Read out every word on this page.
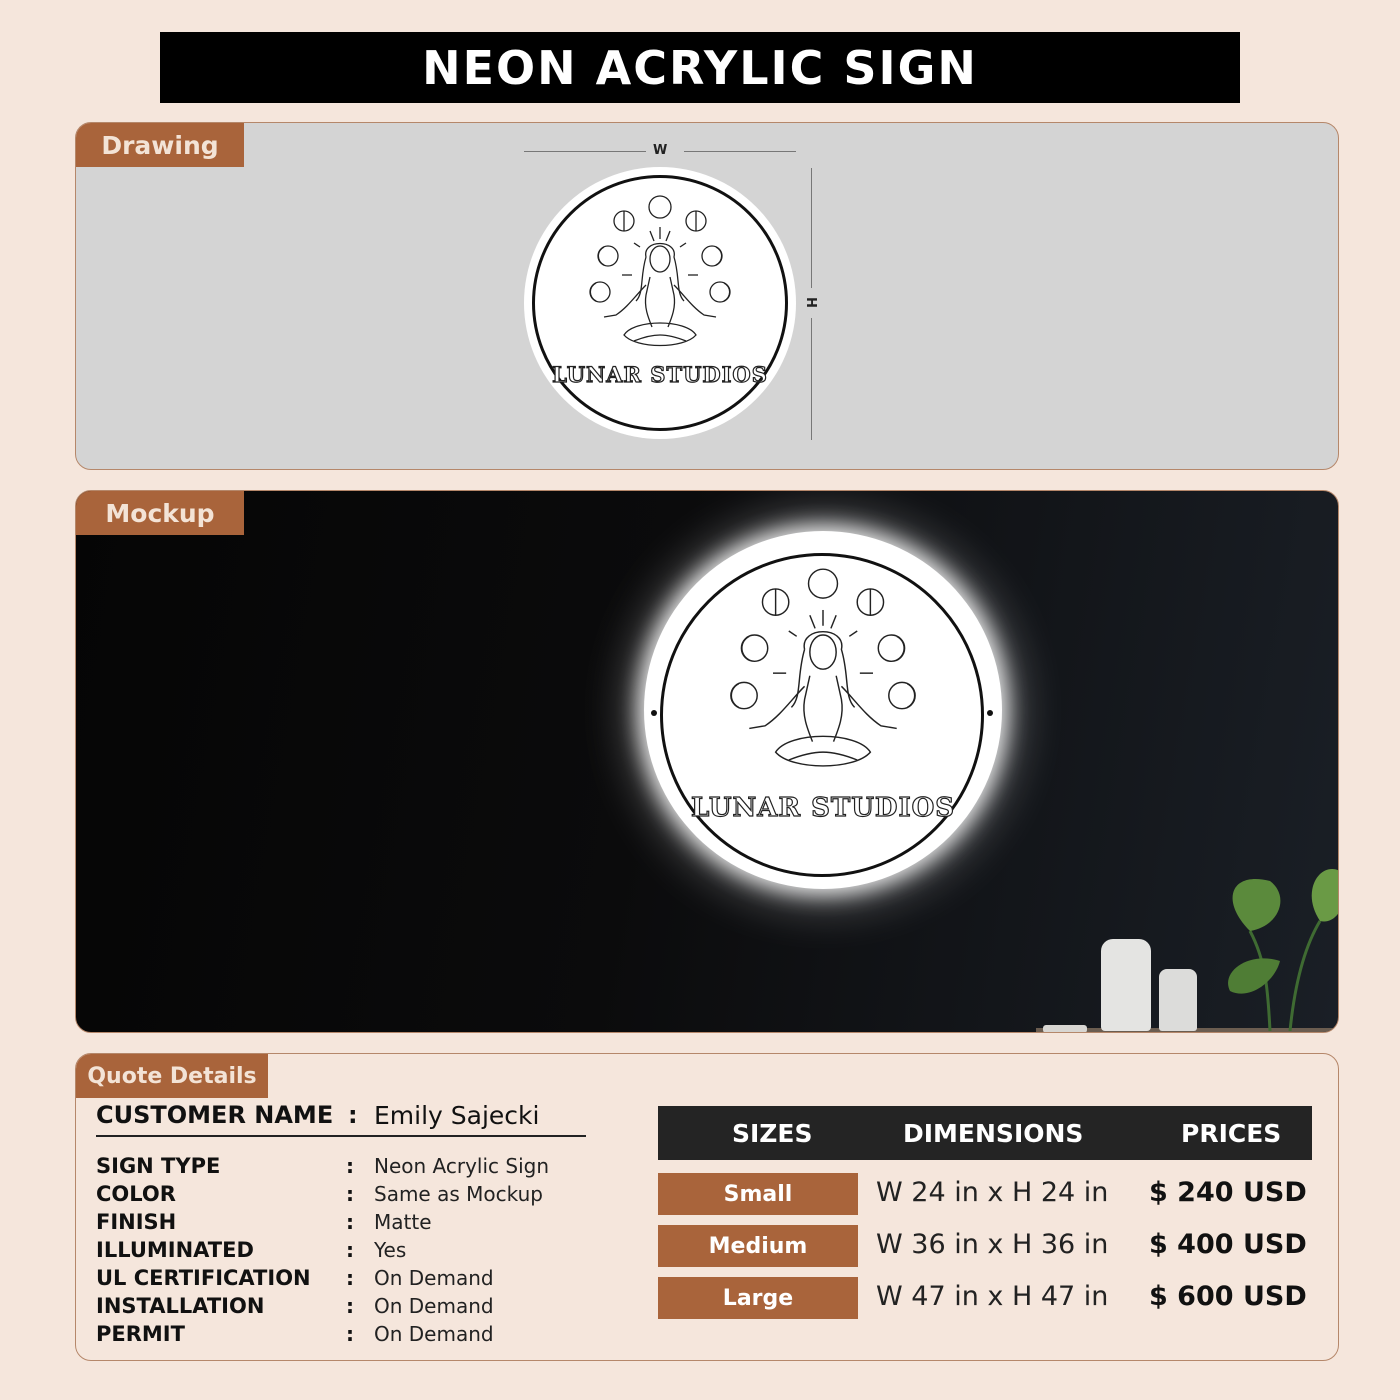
NEON ACRYLIC SIGN
Drawing	W
H
LUNAR STUDIOS
Mockup
LUNAR STUDIOS
Quote Details
CUSTOMER NAME : Emily Sajecki
SIGN TYPE	: Neon Acrylic Sign
COLOR	: Same as Mockup
FINISH	: Matte
ILLUMINATED	: Yes
UL CERTIFICATION : On Demand
INSTALLATION	: On Demand
PERMIT	: On Demand
SIZES	DIMENSIONS	PRICES
Small	W 24 in x H 24 in $ 240 USD
Medium	W 36 in x H 36 in $ 400 USD
Large	W 47 in x H 47 in $ 600 USD
